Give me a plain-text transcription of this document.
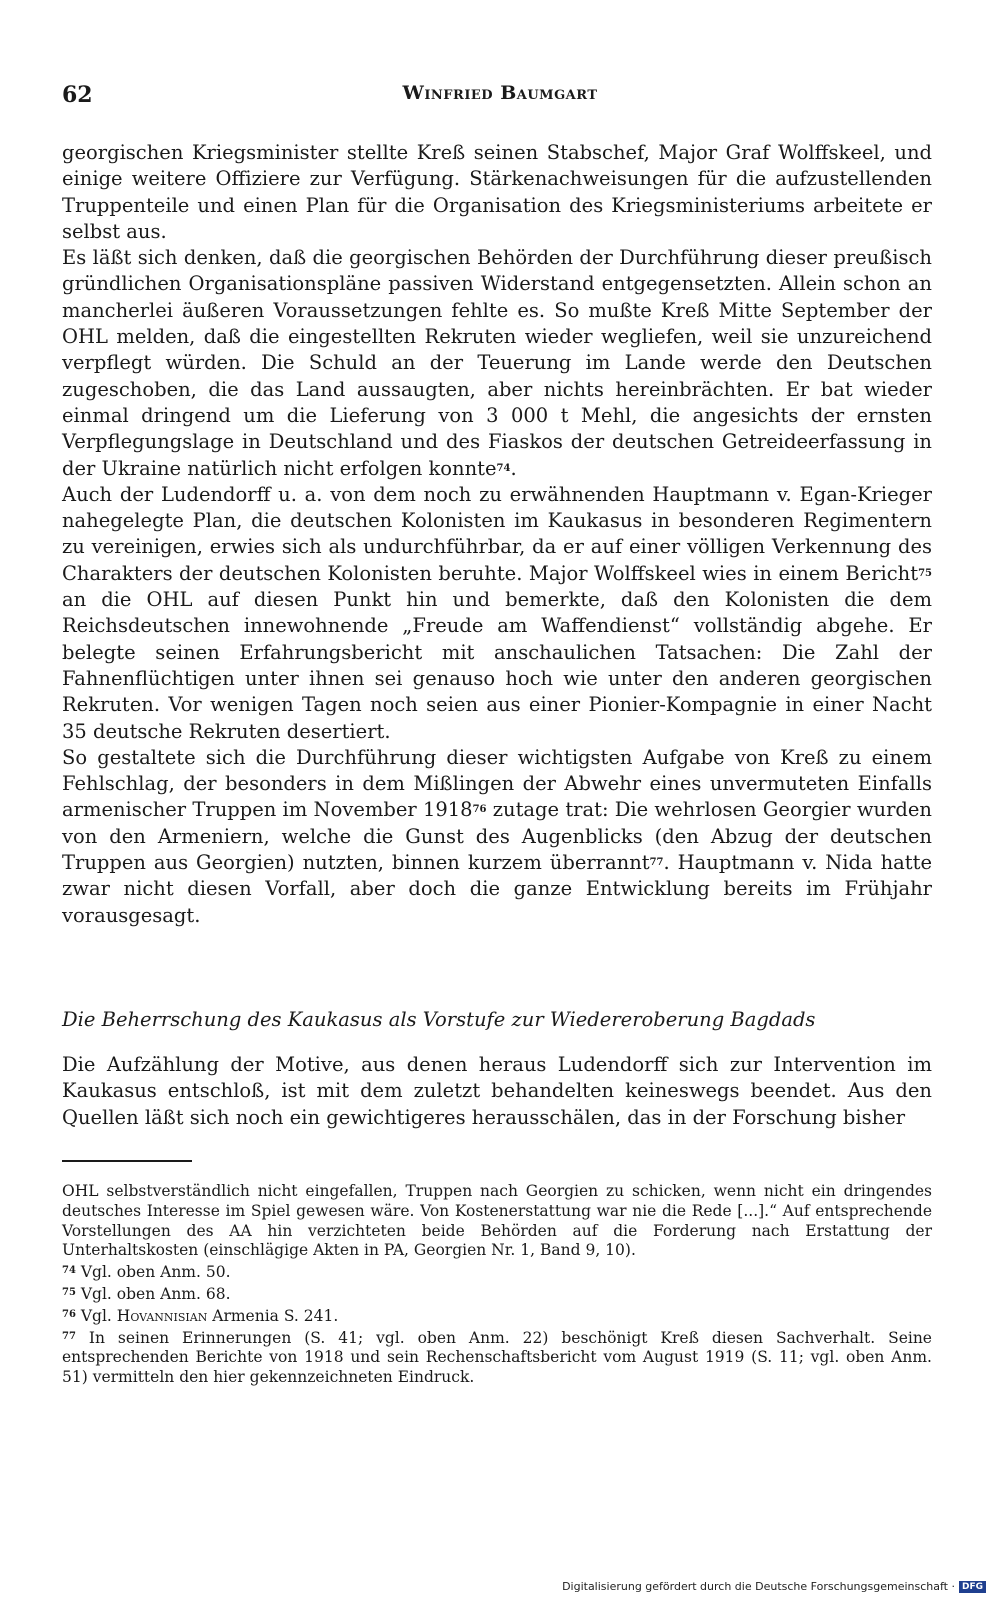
62	Winfried Baumgart

georgischen Kriegsminister stellte Kreß seinen Stabschef, Major Graf Wolffskeel, und einige weitere Offiziere zur Verfügung. Stärkenachweisungen für die aufzustellenden Truppenteile und einen Plan für die Organisation des Kriegsministeriums arbeitete er selbst aus.

Es läßt sich denken, daß die georgischen Behörden der Durchführung dieser preußisch gründlichen Organisationspläne passiven Widerstand entgegensetzten. Allein schon an mancherlei äußeren Voraussetzungen fehlte es. So mußte Kreß Mitte September der OHL melden, daß die eingestellten Rekruten wieder wegliefen, weil sie unzureichend verpflegt würden. Die Schuld an der Teuerung im Lande werde den Deutschen zugeschoben, die das Land aussaugten, aber nichts hereinbrächten. Er bat wieder einmal dringend um die Lieferung von 3 000 t Mehl, die angesichts der ernsten Verpflegungslage in Deutschland und des Fiaskos der deutschen Getreideerfassung in der Ukraine natürlich nicht erfolgen konnte$^{74}$.

Auch der Ludendorff u. a. von dem noch zu erwähnenden Hauptmann v. Egan-Krieger nahegelegte Plan, die deutschen Kolonisten im Kaukasus in besonderen Regimentern zu vereinigen, erwies sich als undurchführbar, da er auf einer völligen Verkennung des Charakters der deutschen Kolonisten beruhte. Major Wolffskeel wies in einem Bericht$^{75}$ an die OHL auf diesen Punkt hin und bemerkte, daß den Kolonisten die dem Reichsdeutschen innewohnende „Freude am Waffendienst“ vollständig abgehe. Er belegte seinen Erfahrungsbericht mit anschaulichen Tatsachen: Die Zahl der Fahnenflüchtigen unter ihnen sei genauso hoch wie unter den anderen georgischen Rekruten. Vor wenigen Tagen noch seien aus einer Pionier-Kompagnie in einer Nacht 35 deutsche Rekruten desertiert.

So gestaltete sich die Durchführung dieser wichtigsten Aufgabe von Kreß zu einem Fehlschlag, der besonders in dem Mißlingen der Abwehr eines unvermuteten Einfalls armenischer Truppen im November 1918$^{76}$ zutage trat: Die wehrlosen Georgier wurden von den Armeniern, welche die Gunst des Augenblicks (den Abzug der deutschen Truppen aus Georgien) nutzten, binnen kurzem überrannt$^{77}$. Hauptmann v. Nida hatte zwar nicht diesen Vorfall, aber doch die ganze Entwicklung bereits im Frühjahr vorausgesagt.

Die Beherrschung des Kaukasus als Vorstufe zur Wiedereroberung Bagdads

Die Aufzählung der Motive, aus denen heraus Ludendorff sich zur Intervention im Kaukasus entschloß, ist mit dem zuletzt behandelten keineswegs beendet. Aus den Quellen läßt sich noch ein gewichtigeres herausschälen, das in der Forschung bisher

OHL selbstverständlich nicht eingefallen, Truppen nach Georgien zu schicken, wenn nicht ein dringendes deutsches Interesse im Spiel gewesen wäre. Von Kostenerstattung war nie die Rede [...].“ Auf entsprechende Vorstellungen des AA hin verzichteten beide Behörden auf die Forderung nach Erstattung der Unterhaltskosten (einschlägige Akten in PA, Georgien Nr. 1, Band 9, 10).

$^{74}$ Vgl. oben Anm. 50.

$^{75}$ Vgl. oben Anm. 68.

$^{76}$ Vgl. Hovannisian Armenia S. 241.

$^{77}$ In seinen Erinnerungen (S. 41; vgl. oben Anm. 22) beschönigt Kreß diesen Sachverhalt. Seine entsprechenden Berichte von 1918 und sein Rechenschaftsbericht vom August 1919 (S. 11; vgl. oben Anm. 51) vermitteln den hier gekennzeichneten Eindruck.

Digitalisierung gefördert durch die Deutsche Forschungsgemeinschaft · DFG
